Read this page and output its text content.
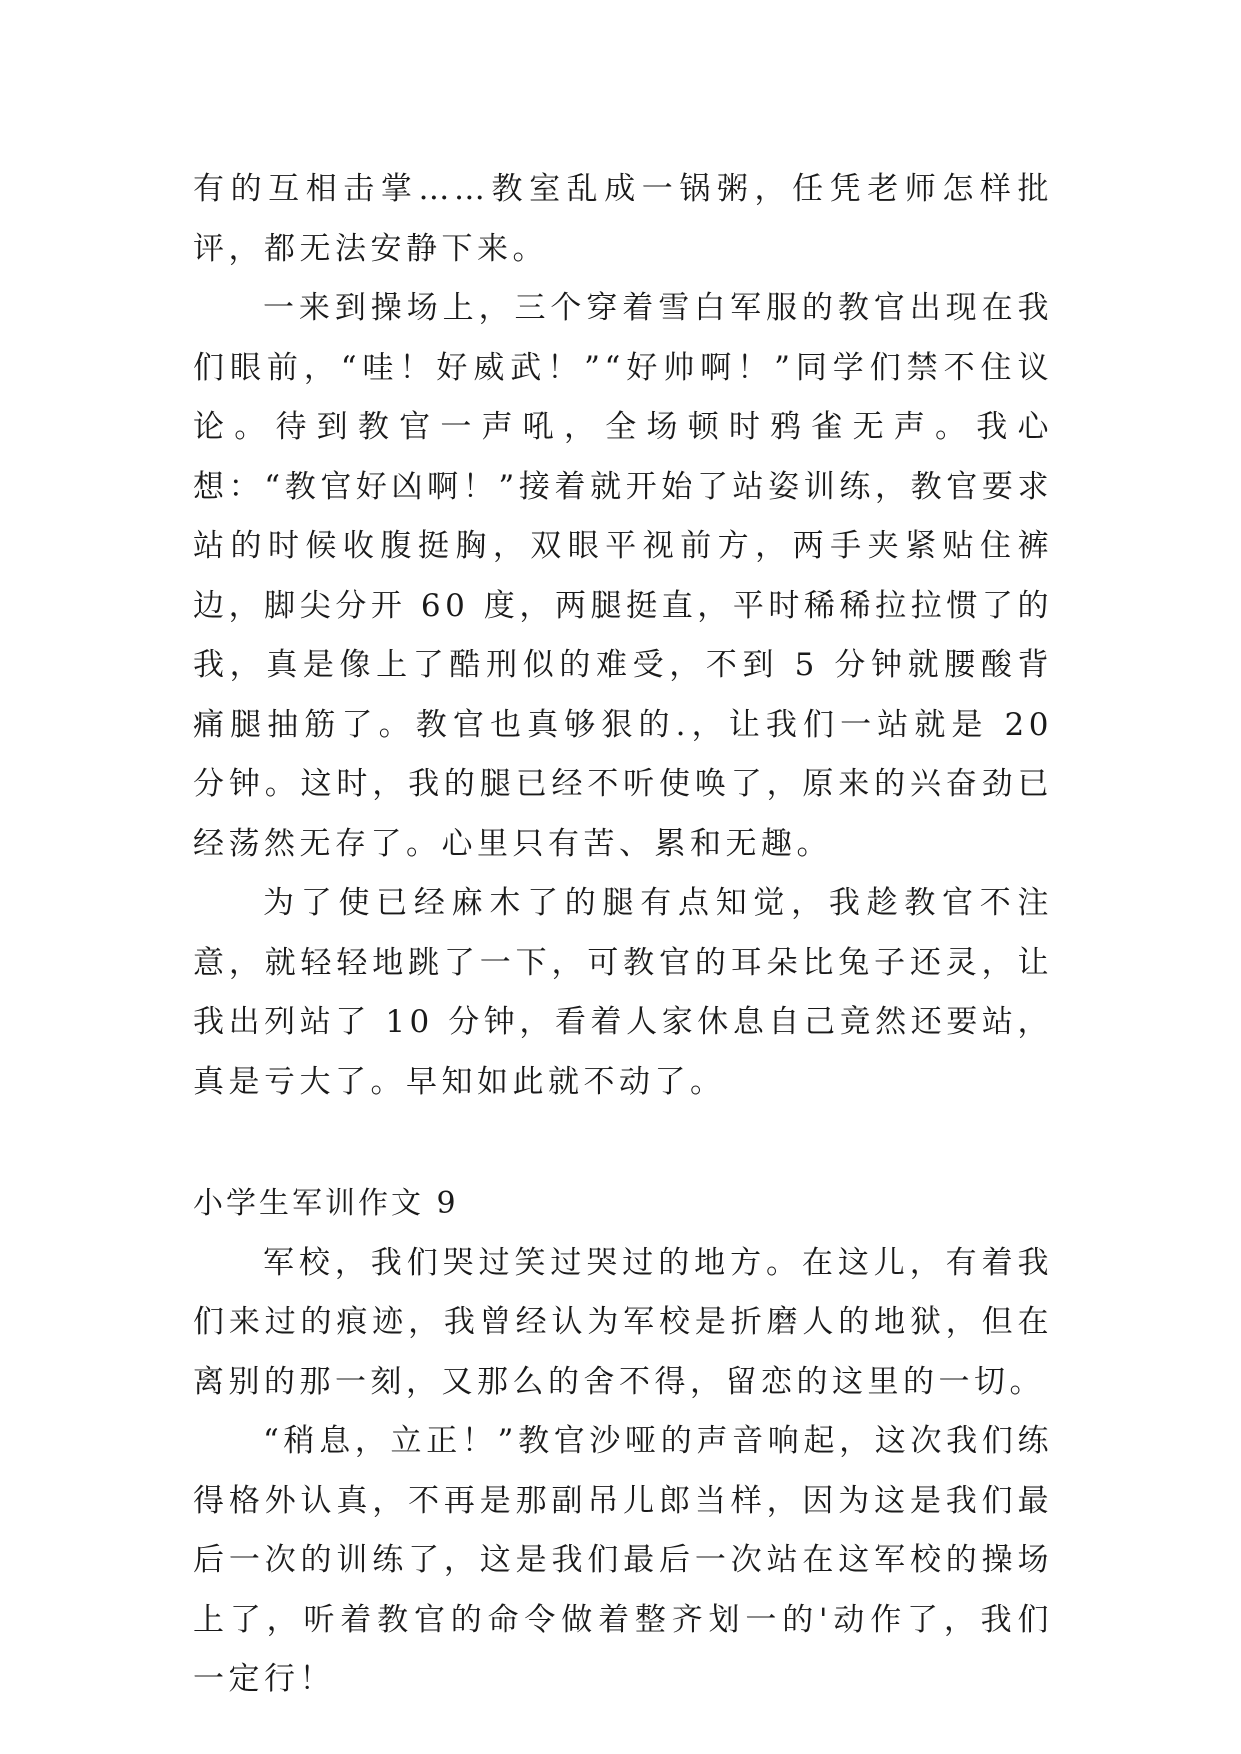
有的互相击掌……教室乱成一锅粥，任凭老师怎样批评，都无法安静下来。

一来到操场上，三个穿着雪白军服的教官出现在我们眼前，“哇！好威武！”“好帅啊！”同学们禁不住议论。待到教官一声吼，全场顿时鸦雀无声。我心想：“教官好凶啊！”接着就开始了站姿训练，教官要求站的时候收腹挺胸，双眼平视前方，两手夹紧贴住裤边，脚尖分开 60 度，两腿挺直，平时稀稀拉拉惯了的我，真是像上了酷刑似的难受，不到 5 分钟就腰酸背痛腿抽筋了。教官也真够狠的.，让我们一站就是 20 分钟。这时，我的腿已经不听使唤了，原来的兴奋劲已经荡然无存了。心里只有苦、累和无趣。

为了使已经麻木了的腿有点知觉，我趁教官不注意，就轻轻地跳了一下，可教官的耳朵比兔子还灵，让我出列站了 10 分钟，看着人家休息自己竟然还要站，真是亏大了。早知如此就不动了。

小学生军训作文 9

军校，我们哭过笑过哭过的地方。在这儿，有着我们来过的痕迹，我曾经认为军校是折磨人的地狱，但在离别的那一刻，又那么的舍不得，留恋的这里的一切。

“稍息，立正！”教官沙哑的声音响起，这次我们练得格外认真，不再是那副吊儿郎当样，因为这是我们最后一次的训练了，这是我们最后一次站在这军校的操场上了，听着教官的命令做着整齐划一的'动作了，我们一定行！
